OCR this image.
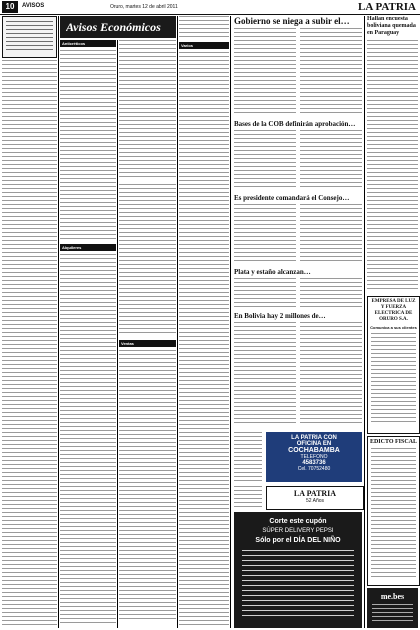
10	AVISOS	Oruro, martes 12 de abril 2011	LA PATRIA
Avisos Económicos
Anticréticos
Alquileres
Ventas
Varios
Gobierno se niega a subir el…
Bases de la COB definirán aprobación…
Es presidente comandará el Consejo…
Plata y estaño alcanzan…
En Bolivia hay 2 millones de…
LA PATRIA CON
OFICINA EN
COCHABAMBA
TELEFONO
4583736
Cel. 70752480
LA PATRIA
52 Años
Corte este cupón
SÚPER DELIVERY PEPSI
Sólo por el DÍA DEL NIÑO
Hallan encuesta boliviana quemada en Paraguay
EMPRESA DE LUZ Y FUERZA ELECTRICA DE ORURO S.A.
Comunica a sus clientes
EDICTO FISCAL
me.bes
